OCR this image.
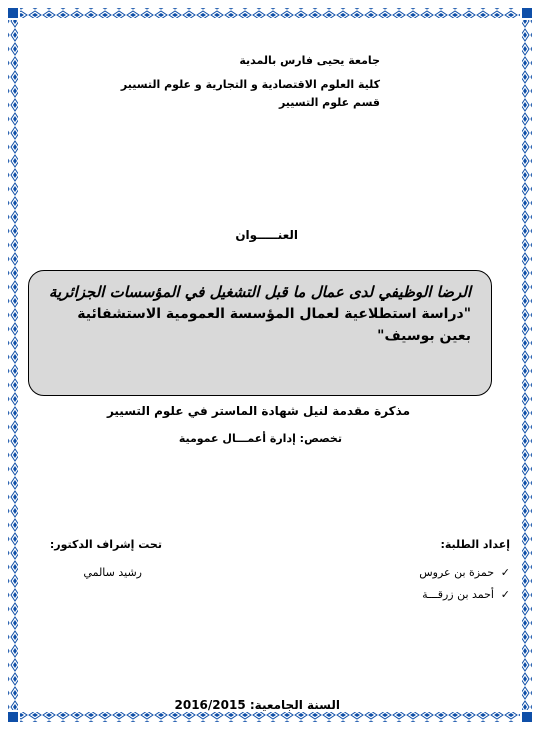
جامعة يحيى فارس بالمدية
كلية العلوم الاقتصادية و التجارية و علوم التسيير
قسم علوم التسيير
العنـــــوان
الرضا الوظيفي لدى عمال ما قبل التشغيل في المؤسسات الجزائرية
"دراسة استطلاعية لعمال المؤسسة العمومية الاستشفائية
بعين بوسيف"
مذكرة مقدمة لنيل شهادة الماستر في علوم التسيير
تخصص: إدارة أعمـــال عمومية
إعداد الطلبة:
تحت إشراف الدكتور:
✓
حمزة بن عروس
✓
أحمد بن زرقـــة
رشيد سالمي
السنة الجامعية: 2016/2015
